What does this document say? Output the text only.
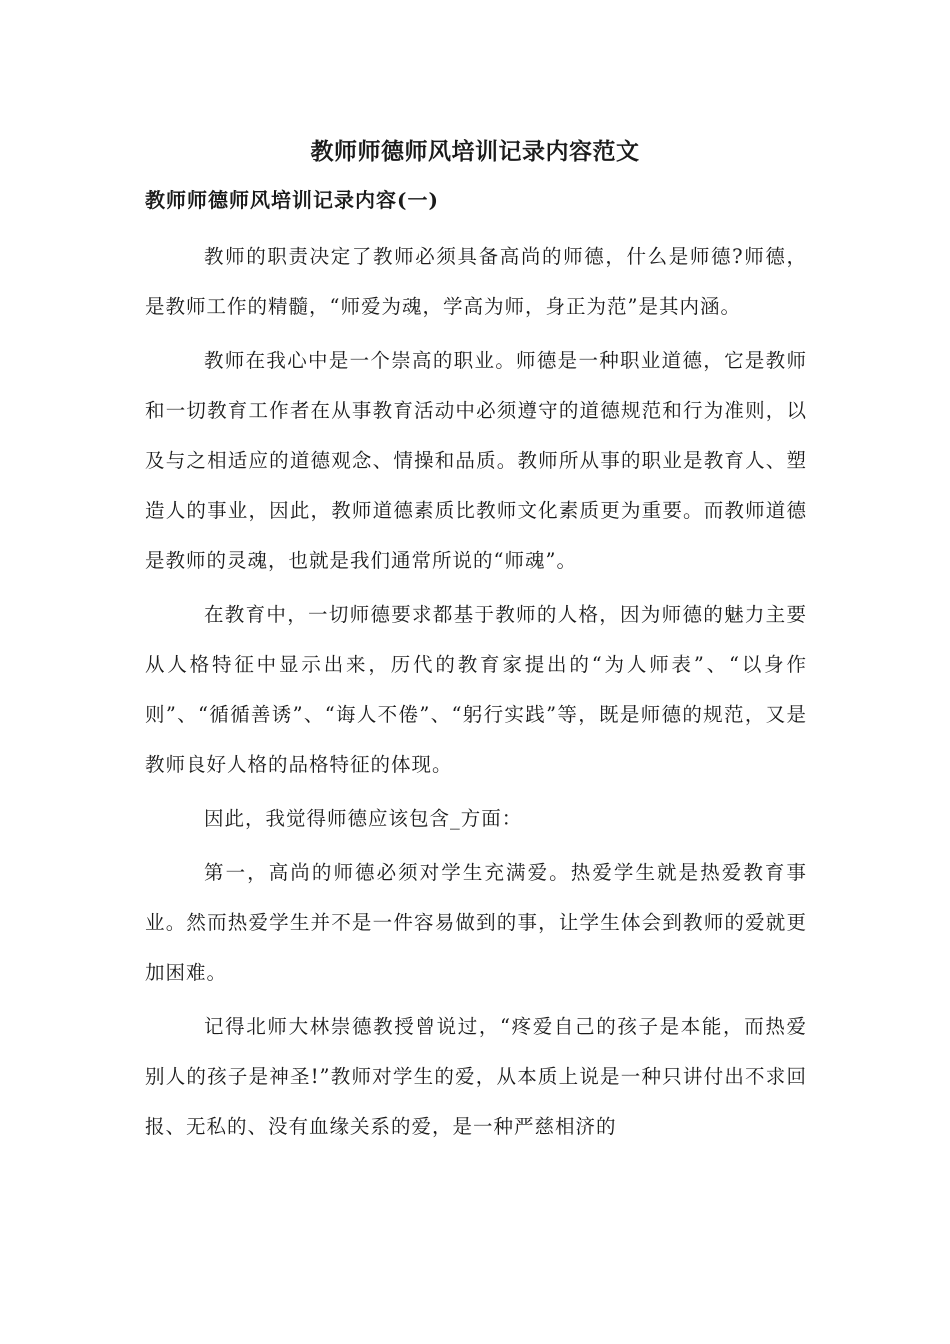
教师师德师风培训记录内容范文
教师师德师风培训记录内容(一)

教师的职责决定了教师必须具备高尚的师德，什么是师德?师德，是教师工作的精髓，“师爱为魂，学高为师，身正为范”是其内涵。

教师在我心中是一个崇高的职业。师德是一种职业道德，它是教师和一切教育工作者在从事教育活动中必须遵守的道德规范和行为准则，以及与之相适应的道德观念、情操和品质。教师所从事的职业是教育人、塑造人的事业，因此，教师道德素质比教师文化素质更为重要。而教师道德是教师的灵魂，也就是我们通常所说的“师魂”。

在教育中，一切师德要求都基于教师的人格，因为师德的魅力主要从人格特征中显示出来，历代的教育家提出的“为人师表”、“以身作则”、“循循善诱”、“诲人不倦”、“躬行实践”等，既是师德的规范，又是教师良好人格的品格特征的体现。

因此，我觉得师德应该包含_方面：

第一，高尚的师德必须对学生充满爱。热爱学生就是热爱教育事业。然而热爱学生并不是一件容易做到的事，让学生体会到教师的爱就更加困难。

记得北师大林崇德教授曾说过，“疼爱自己的孩子是本能，而热爱别人的孩子是神圣!”教师对学生的爱，从本质上说是一种只讲付出不求回报、无私的、没有血缘关系的爱，是一种严慈相济的
